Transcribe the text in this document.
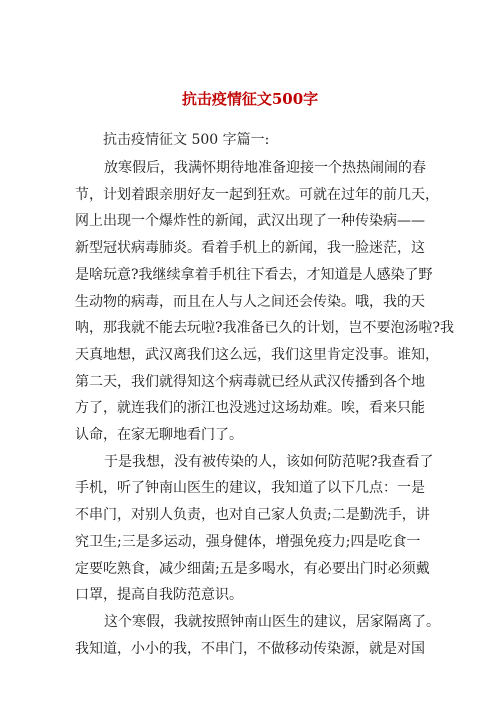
抗击疫情征文500字
抗击疫情征文 500 字篇一:
放寒假后，我满怀期待地准备迎接一个热热闹闹的春
节，计划着跟亲朋好友一起到狂欢。可就在过年的前几天，
网上出现一个爆炸性的新闻，武汉出现了一种传染病——
新型冠状病毒肺炎。看着手机上的新闻，我一脸迷茫，这
是啥玩意?我继续拿着手机往下看去，才知道是人感染了野
生动物的病毒，而且在人与人之间还会传染。哦，我的天
呐，那我就不能去玩啦?我准备已久的计划，岂不要泡汤啦?我
天真地想，武汉离我们这么远，我们这里肯定没事。谁知，
第二天，我们就得知这个病毒就已经从武汉传播到各个地
方了，就连我们的浙江也没逃过这场劫难。唉，看来只能
认命，在家无聊地看门了。
于是我想，没有被传染的人，该如何防范呢?我查看了
手机，听了钟南山医生的建议，我知道了以下几点：一是
不串门，对别人负责，也对自己家人负责;二是勤洗手，讲
究卫生;三是多运动，强身健体，增强免疫力;四是吃食一
定要吃熟食，减少细菌;五是多喝水，有必要出门时必须戴
口罩，提高自我防范意识。
这个寒假，我就按照钟南山医生的建议，居家隔离了。
我知道，小小的我，不串门，不做移动传染源，就是对国
